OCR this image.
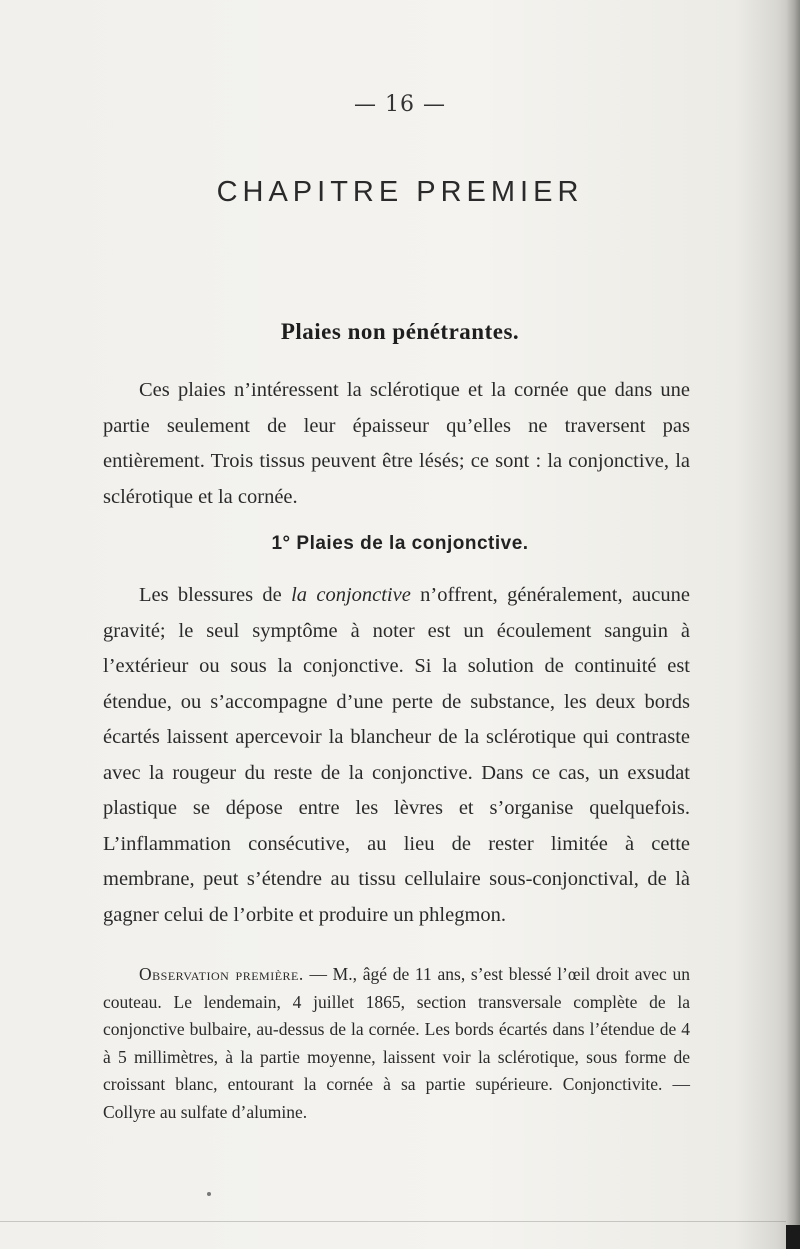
— 16 —
CHAPITRE PREMIER
Plaies non pénétrantes.

Ces plaies n’intéressent la sclérotique et la cornée que dans une partie seulement de leur épaisseur qu’elles ne traversent pas entièrement. Trois tissus peuvent être lésés; ce sont : la conjonctive, la sclérotique et la cornée.

1° Plaies de la conjonctive.

Les blessures de la conjonctive n’offrent, généralement, aucune gravité; le seul symptôme à noter est un écoulement sanguin à l’extérieur ou sous la conjonctive. Si la solution de continuité est étendue, ou s’accompagne d’une perte de substance, les deux bords écartés laissent apercevoir la blancheur de la sclérotique qui contraste avec la rougeur du reste de la conjonctive. Dans ce cas, un exsudat plastique se dépose entre les lèvres et s’organise quelquefois. L’inflammation consécutive, au lieu de rester limitée à cette membrane, peut s’étendre au tissu cellulaire sous-conjonctival, de là gagner celui de l’orbite et produire un phlegmon.

Observation première. — M., âgé de 11 ans, s’est blessé l’œil droit avec un couteau. Le lendemain, 4 juillet 1865, section transversale complète de la conjonctive bulbaire, au-dessus de la cornée. Les bords écartés dans l’étendue de 4 à 5 millimètres, à la partie moyenne, laissent voir la sclérotique, sous forme de croissant blanc, entourant la cornée à sa partie supérieure. Conjonctivite. — Collyre au sulfate d’alumine.
